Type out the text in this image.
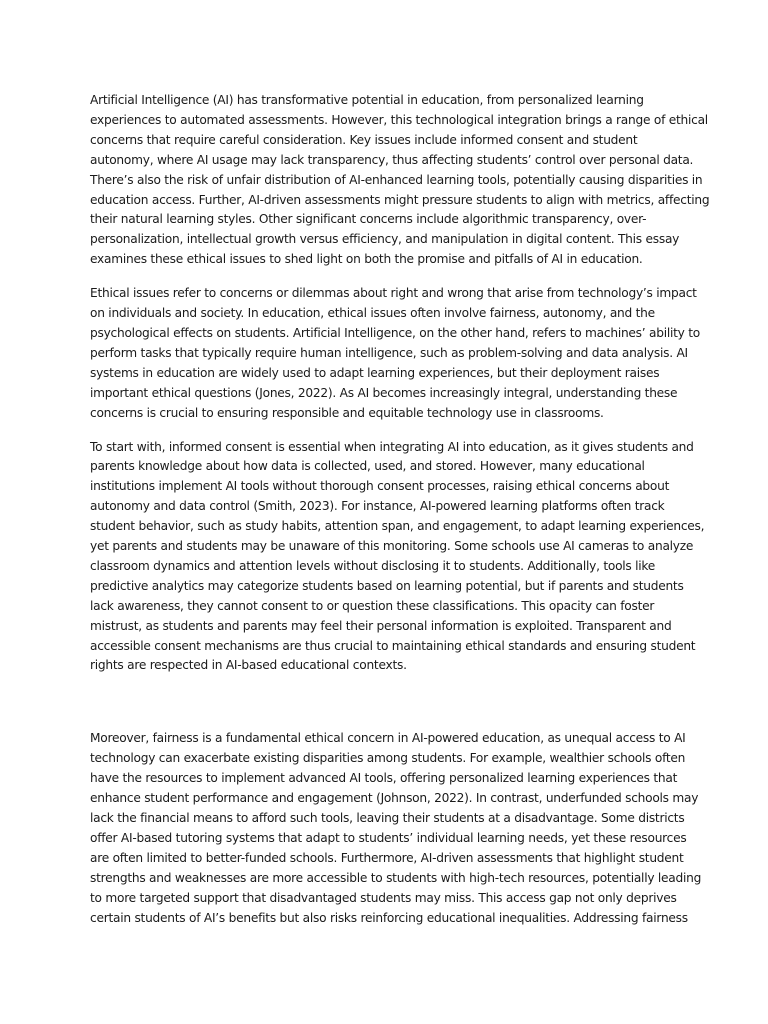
Artificial Intelligence (AI) has transformative potential in education, from personalized learning
experiences to automated assessments. However, this technological integration brings a range of ethical
concerns that require careful consideration. Key issues include informed consent and student
autonomy, where AI usage may lack transparency, thus affecting students’ control over personal data.
There’s also the risk of unfair distribution of AI-enhanced learning tools, potentially causing disparities in
education access. Further, AI-driven assessments might pressure students to align with metrics, affecting
their natural learning styles. Other significant concerns include algorithmic transparency, over-
personalization, intellectual growth versus efficiency, and manipulation in digital content. This essay
examines these ethical issues to shed light on both the promise and pitfalls of AI in education.
Ethical issues refer to concerns or dilemmas about right and wrong that arise from technology’s impact
on individuals and society. In education, ethical issues often involve fairness, autonomy, and the
psychological effects on students. Artificial Intelligence, on the other hand, refers to machines’ ability to
perform tasks that typically require human intelligence, such as problem-solving and data analysis. AI
systems in education are widely used to adapt learning experiences, but their deployment raises
important ethical questions (Jones, 2022). As AI becomes increasingly integral, understanding these
concerns is crucial to ensuring responsible and equitable technology use in classrooms.
To start with, informed consent is essential when integrating AI into education, as it gives students and
parents knowledge about how data is collected, used, and stored. However, many educational
institutions implement AI tools without thorough consent processes, raising ethical concerns about
autonomy and data control (Smith, 2023). For instance, AI-powered learning platforms often track
student behavior, such as study habits, attention span, and engagement, to adapt learning experiences,
yet parents and students may be unaware of this monitoring. Some schools use AI cameras to analyze
classroom dynamics and attention levels without disclosing it to students. Additionally, tools like
predictive analytics may categorize students based on learning potential, but if parents and students
lack awareness, they cannot consent to or question these classifications. This opacity can foster
mistrust, as students and parents may feel their personal information is exploited. Transparent and
accessible consent mechanisms are thus crucial to maintaining ethical standards and ensuring student
rights are respected in AI-based educational contexts.
Moreover, fairness is a fundamental ethical concern in AI-powered education, as unequal access to AI
technology can exacerbate existing disparities among students. For example, wealthier schools often
have the resources to implement advanced AI tools, offering personalized learning experiences that
enhance student performance and engagement (Johnson, 2022). In contrast, underfunded schools may
lack the financial means to afford such tools, leaving their students at a disadvantage. Some districts
offer AI-based tutoring systems that adapt to students’ individual learning needs, yet these resources
are often limited to better-funded schools. Furthermore, AI-driven assessments that highlight student
strengths and weaknesses are more accessible to students with high-tech resources, potentially leading
to more targeted support that disadvantaged students may miss. This access gap not only deprives
certain students of AI’s benefits but also risks reinforcing educational inequalities. Addressing fairness
